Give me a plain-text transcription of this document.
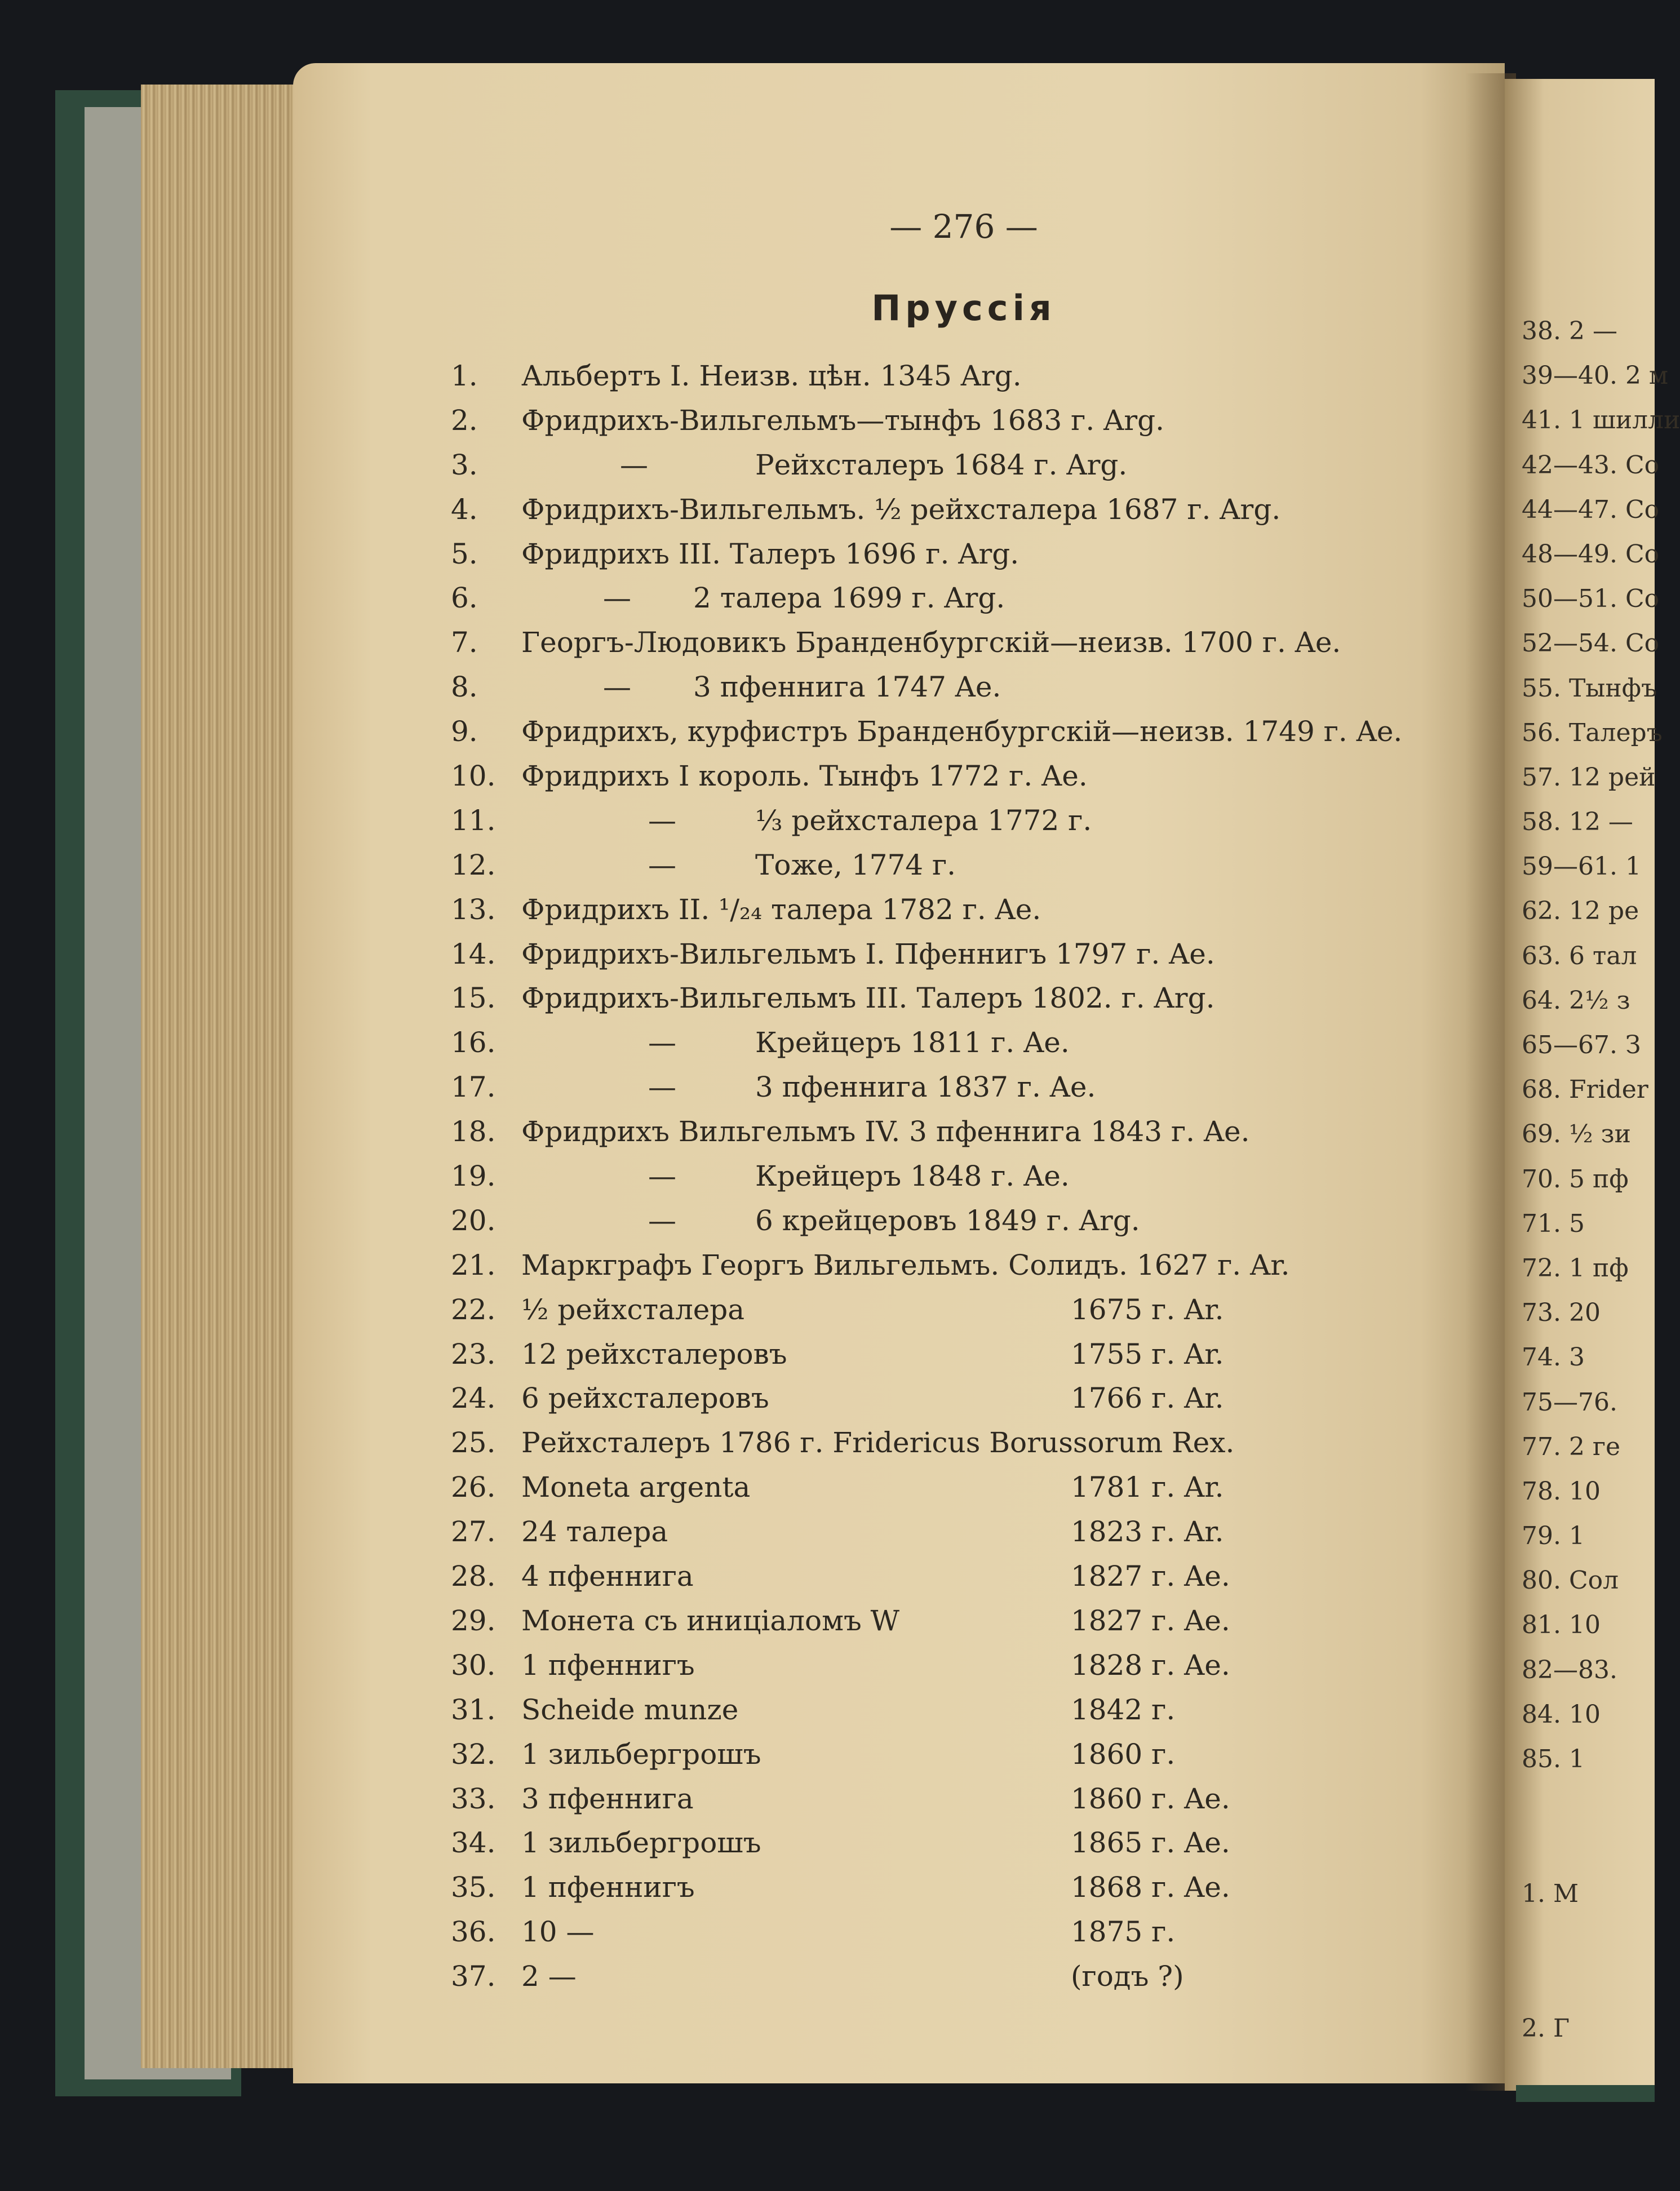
— 276 —
Пруссія
1.	Альбертъ I. Неизв. цѣн. 1345 Arg.
2.	Фридрихъ-Вильгельмъ—тынфъ 1683 г. Arg.
3.	—	Рейхсталеръ 1684 г. Arg.
4.	Фридрихъ-Вильгельмъ. ½ рейхсталера 1687 г. Arg.
5.	Фридрихъ III. Талеръ 1696 г. Arg.
6.	— 2 талера 1699 г. Arg.
7.	Георгъ-Людовикъ Бранденбургскій—неизв. 1700 г. Ae.
8.	— 3 пфеннига 1747 Ae.
9.	Фридрихъ, курфистръ Бранденбургскій—неизв. 1749 г. Ae.
10. Фридрихъ I король. Тынфъ 1772 г. Ae.
11.	—	⅓ рейхсталера 1772 г.
12.	—	Тоже, 1774 г.
13. Фридрихъ II. ¹/₂₄ талера 1782 г. Ae.
14. Фридрихъ-Вильгельмъ I. Пфеннигъ 1797 г. Ae.
15. Фридрихъ-Вильгельмъ III. Талеръ 1802. г. Arg.
16.	—	Крейцеръ 1811 г. Ae.
17.	—	3 пфеннига 1837 г. Ae.
18. Фридрихъ Вильгельмъ IV. 3 пфеннига 1843 г. Ae.
19.	—	Крейцеръ 1848 г. Ae.
20.	—	6 крейцеровъ 1849 г. Arg.
21. Маркграфъ Георгъ Вильгельмъ. Солидъ. 1627 г. Ar.
22. ½ рейхсталера	1675 г. Ar.
23. 12 рейхсталеровъ	1755 г. Ar.
24. 6 рейхсталеровъ	1766 г. Ar.
25. Рейхсталеръ 1786 г. Fridericus Borussorum Rex.
26. Moneta argenta	1781 г. Ar.
27. 24 талера	1823 г. Ar.
28. 4 пфеннига	1827 г. Ae.
29. Монета съ иниціаломъ W	1827 г. Ae.
30. 1 пфеннигъ	1828 г. Ae.
31. Scheide munze	1842 г.
32. 1 зильбергрошъ	1860 г.
33. 3 пфеннига	1860 г. Ae.
34. 1 зильбергрошъ	1865 г. Ae.
35. 1 пфеннигъ	1868 г. Ae.
36. 10 —	1875 г.
37. 2 —	(годъ ?)
38. 2 —
39—40. 2 м
41. 1 шилли
42—43. Со
44—47. Со
48—49. Со
50—51. Со
52—54. Со
55. Тынфъ
56. Талеръ
57. 12 рей
58. 12 —
59—61. 1
62. 12 ре
63. 6 тал
64. 2½ з
65—67. З
68. Frider
69. ½ зи
70. 5 пф
71. 5
72. 1 пф
73. 20
74. 3
75—76.
77. 2 ге
78. 10
79. 1
80. Сол
81. 10
82—83.
84. 10
85. 1
1. М
2. Г
